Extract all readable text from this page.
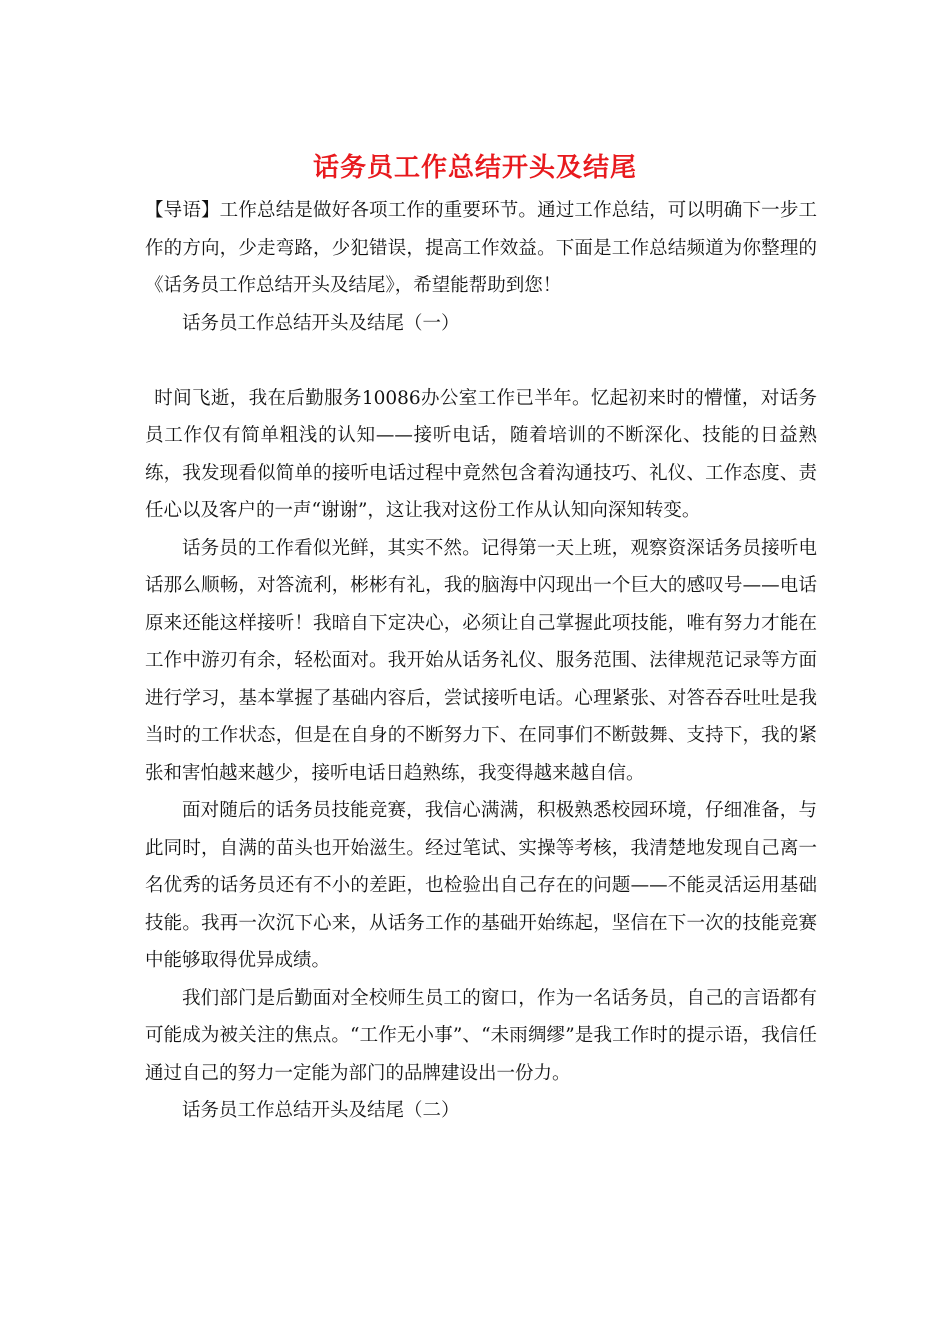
话务员工作总结开头及结尾

【导语】工作总结是做好各项工作的重要环节。通过工作总结，可以明确下一步工作的方向，少走弯路，少犯错误，提高工作效益。下面是工作总结频道为你整理的《话务员工作总结开头及结尾》，希望能帮助到您！

话务员工作总结开头及结尾（一）

时间飞逝，我在后勤服务10086办公室工作已半年。忆起初来时的懵懂，对话务员工作仅有简单粗浅的认知——接听电话，随着培训的不断深化、技能的日益熟练，我发现看似简单的接听电话过程中竟然包含着沟通技巧、礼仪、工作态度、责任心以及客户的一声“谢谢”，这让我对这份工作从认知向深知转变。

话务员的工作看似光鲜，其实不然。记得第一天上班，观察资深话务员接听电话那么顺畅，对答流利，彬彬有礼，我的脑海中闪现出一个巨大的感叹号——电话原来还能这样接听！我暗自下定决心，必须让自己掌握此项技能，唯有努力才能在工作中游刃有余，轻松面对。我开始从话务礼仪、服务范围、法律规范记录等方面进行学习，基本掌握了基础内容后，尝试接听电话。心理紧张、对答吞吞吐吐是我当时的工作状态，但是在自身的不断努力下、在同事们不断鼓舞、支持下，我的紧张和害怕越来越少，接听电话日趋熟练，我变得越来越自信。

面对随后的话务员技能竞赛，我信心满满，积极熟悉校园环境，仔细准备，与此同时，自满的苗头也开始滋生。经过笔试、实操等考核，我清楚地发现自己离一名优秀的话务员还有不小的差距，也检验出自己存在的问题——不能灵活运用基础技能。我再一次沉下心来，从话务工作的基础开始练起，坚信在下一次的技能竞赛中能够取得优异成绩。

我们部门是后勤面对全校师生员工的窗口，作为一名话务员，自己的言语都有可能成为被关注的焦点。“工作无小事”、“未雨绸缪”是我工作时的提示语，我信任通过自己的努力一定能为部门的品牌建设出一份力。

话务员工作总结开头及结尾（二）
